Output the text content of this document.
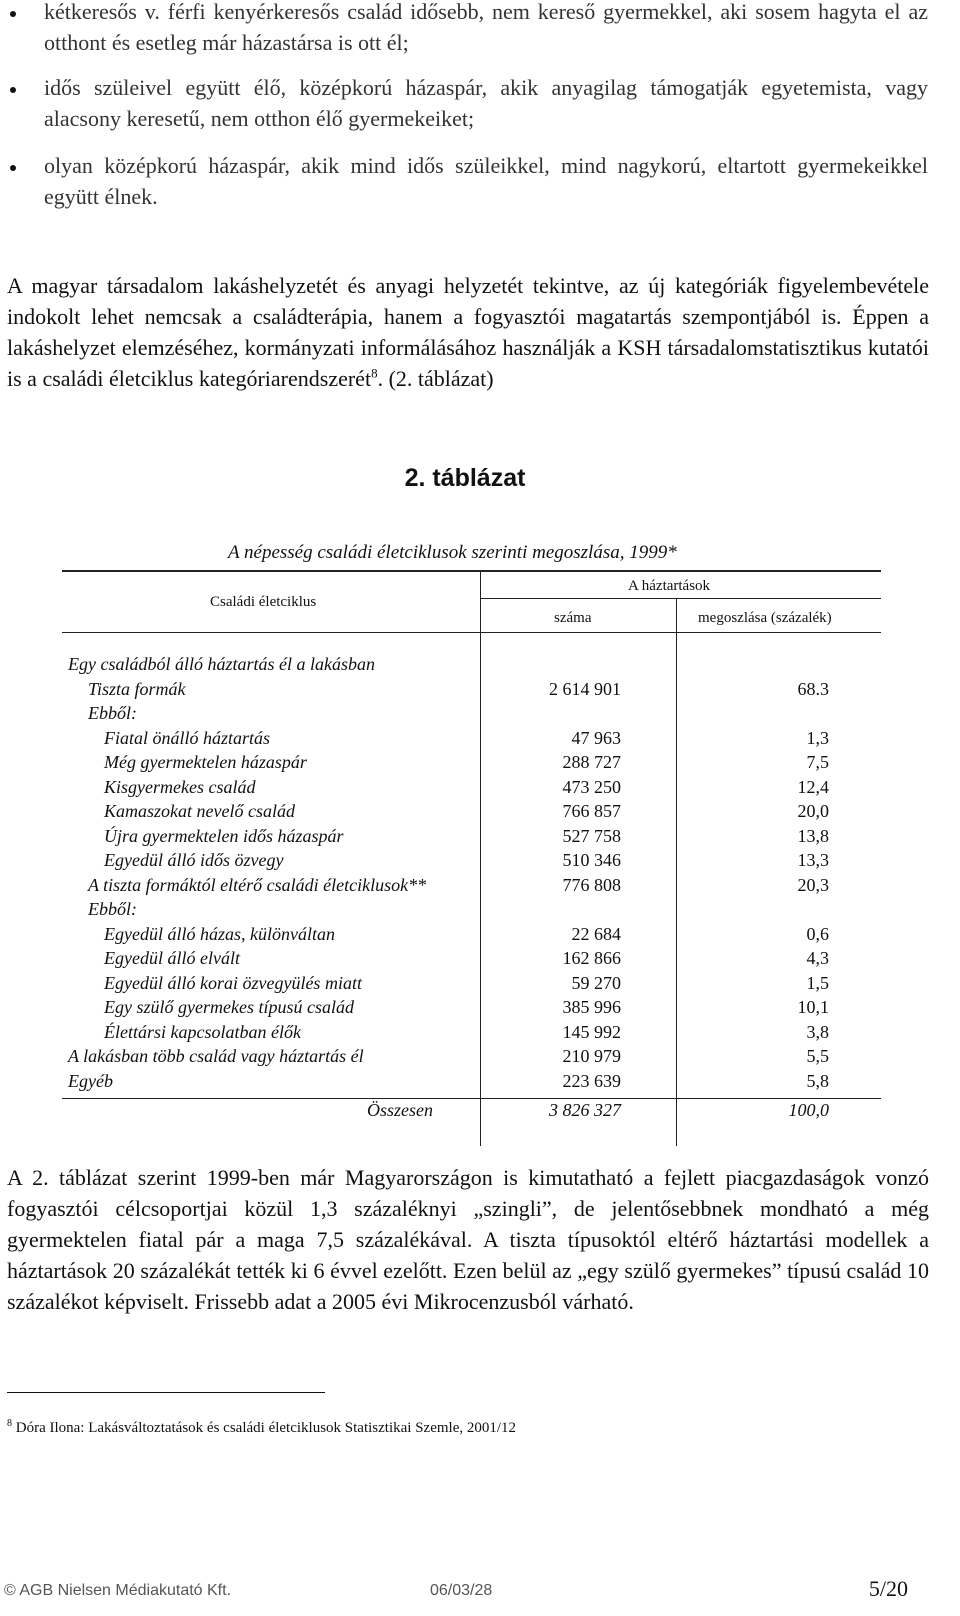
kétkeresős v. férfi kenyérkeresős család idősebb, nem kereső gyermekkel, aki sosem hagyta el az otthont és esetleg már házastársa is ott él;
idős szüleivel együtt élő, középkorú házaspár, akik anyagilag támogatják egyetemista, vagy alacsony keresetű, nem otthon élő gyermekeiket;
olyan középkorú házaspár, akik mind idős szüleikkel, mind nagykorú, eltartott gyermekeikkel együtt élnek.
A magyar társadalom lakáshelyzetét és anyagi helyzetét tekintve, az új kategóriák figyelembevétele indokolt lehet nemcsak a családterápia, hanem a fogyasztói magatartás szempontjából is. Éppen a lakáshelyzet elemzéséhez, kormányzati informálásához használják a KSH társadalomstatisztikus kutatói is a családi életciklus kategóriarendszerét$^8$. (2. táblázat)
2. táblázat
A népesség családi életciklusok szerinti megoszlása, 1999*
Családi életciklus
A háztartások
száma	megoszlása (százalék)
Egy családból álló háztartás él a lakásban
Tiszta formák	2 614 901	68.3
Ebből:
Fiatal önálló háztartás	47 963	1,3
Még gyermektelen házaspár	288 727	7,5
Kisgyermekes család	473 250	12,4
Kamaszokat nevelő család	766 857	20,0
Újra gyermektelen idős házaspár	527 758	13,8
Egyedül álló idős özvegy	510 346	13,3
A tiszta formáktól eltérő családi életciklusok**	776 808	20,3
Ebből:
Egyedül álló házas, különváltan	22 684	0,6
Egyedül álló elvált	162 866	4,3
Egyedül álló korai özvegyülés miatt	59 270	1,5
Egy szülő gyermekes típusú család	385 996	10,1
Élettársi kapcsolatban élők	145 992	3,8
A lakásban több család vagy háztartás él	210 979	5,5
Egyéb	223 639	5,8
Összesen	3 826 327	100,0
A 2. táblázat szerint 1999-ben már Magyarországon is kimutatható a fejlett piacgazdaságok vonzó fogyasztói célcsoportjai közül 1,3 százaléknyi „szingli”, de jelentősebbnek mondható a még gyermektelen fiatal pár a maga 7,5 százalékával. A tiszta típusoktól eltérő háztartási modellek a háztartások 20 százalékát tették ki 6 évvel ezelőtt. Ezen belül az „egy szülő gyermekes” típusú család 10 százalékot képviselt. Frissebb adat a 2005 évi Mikrocenzusból várható.
$^8$ Dóra Ilona: Lakásváltoztatások és családi életciklusok Statisztikai Szemle, 2001/12
© AGB Nielsen Médiakutató Kft.	06/03/28	5/20
